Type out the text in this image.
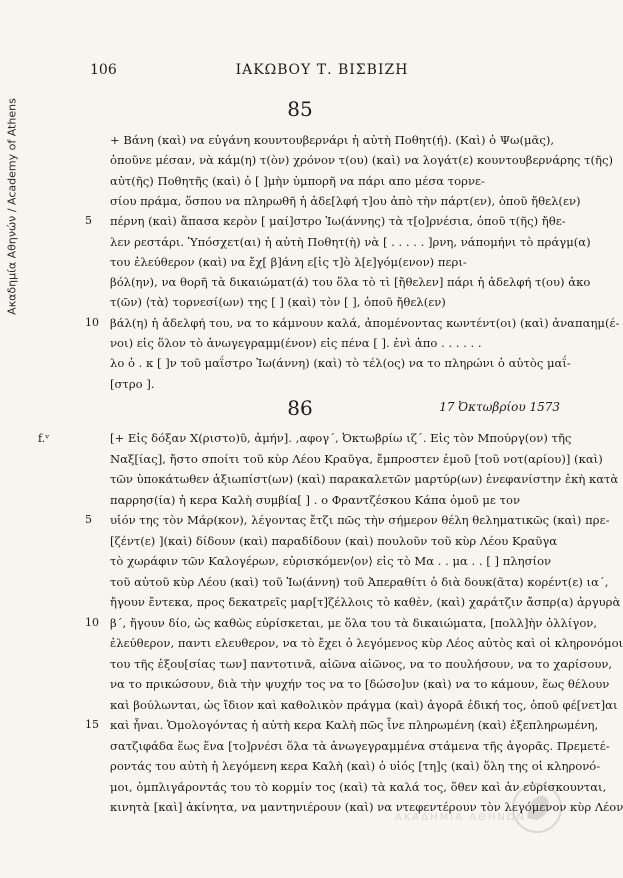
Ακαδημία Αθηνών / Academy of Athens
106	ΙΑΚΩΒΟΥ Τ. ΒΙΣΒΙΖΗ
85
+ Βάνη (καὶ) να εὐγάνη κουντουβερνάρι ἡ αὐτὴ Ποθητ(ή). (Καὶ) ὁ Ψω(μᾶς),
ὁποῦνε μέσαν, νὰ κάμ(η) τ(ὸν) χρόνον τ(ου) (καὶ) να λογάτ(ε) κουντουβερνάρης τ(ῆς)
αὐτ(ῆς) Ποθητῆς (καὶ) ὁ [ ]μὴν ὑμπορῆ να πάρι απο μέσα τορνε-
σίου πράμα, ὅσπου να πληρωθῆ ἡ ἀδε[λφή τ]ου ἀπὸ τὴν πάρτ(εν), ὁποῦ ἤθελ(εν)
5	πέρνη (καὶ) ἅπασα κερὸν [ μαί]στρο Ἰω(άννης) τὰ τ[ο]ρνέσια, ὁποῦ τ(ῆς) ἤθε-
λεν ρεστάρι. Ὑπόσχετ(αι) ἡ αὐτὴ Ποθητ(ὴ) νὰ [ . . . . . ]ρνη, νάπομήνι τὸ πράγμ(α)
του ἐλεύθερον (καὶ) να ἔχ[ β]άνη ε[ἰς τ]ὸ λ[ε]γόμ(ενον) περι-
βόλ(ην), να θορῆ τὰ δικαιώματ(ά) του ὅλα τὸ τὶ [ἤθελεν] πάρι ἡ ἀδελφή τ(ου) ἀκο
τ(ῶν) ⟨τὰ⟩ τορνεσί(ων) της [ ] (καὶ) τὸν [ ], ὁποῦ ἤθελ(εν)
10 βάλ(η) ἡ ἀδελφή του, να το κάμνουν καλά, ἀπομένοντας κωντέντ(οι) (καὶ) ἀναπαημ(έ-
νοι) εἰς ὅλον τὸ ἀνωγεγραμμ(ένον) εἰς πένα [ ]. ἐνὶ ἀπο . . . . . .
λο ὁ . κ [ ]ν τοῦ μαΐστρο Ἰω(άννη) (καὶ) τὸ τέλ(ος) να το πληρώνι ὁ αὐτὸς μαΐ-
[στρο ].
86	17 Ὀκτωβρίου 1573
f.ᵛ	[+ Εἰς δόξαν Χ(ριστο)ῦ, ἀμήν]. ,αφογ΄, Ὀκτωβρίω ιζ΄. Εἰς τὸν Μπούργ(ον) τῆς
Ναξ[ίας], ἤστο σποίτι τοῦ κὺρ Λέου Κραῦγα, ἔμπροστεν ἐμοῦ [τοῦ νοτ(αρίου)] (καὶ)
τῶν ὑποκάτωθεν ἀξιωπίστ(ων) (καὶ) παρακαλετῶν μαρτύρ(ων) ἐνεφανίστην ἐκὴ κατὰ
παρρησ(ία) ἡ κερα Καλὴ συμβία[ ] . ο Φραντζέσκου Κάπα ὁμοῦ με τον
5	υἱόν της τὸν Μάρ(κον), λέγοντας ἔτζι πῶς τὴν σήμερον θέλη θεληματικῶς (καὶ) πρε-
[ζέντ(ε) ](καὶ) δίδουν (καὶ) παραδίδουν (καὶ) πουλοῦν τοῦ κὺρ Λέου Κραῦγα
τὸ χωράφιν τῶν Καλογέρων, εὑρισκόμεν⟨ον⟩ εἰς τὸ Μα . . μα . . [ ] πλησίον
τοῦ αὐτοῦ κὺρ Λέου (καὶ) τοῦ Ἰω(άννη) τοῦ Ἀπεραθίτι ὁ διὰ δουκ(ᾶτα) κορέντ(ε) ια΄,
ἤγουν ἔντεκα, προς δεκατρεῖς μαρ[τ]ζέλλοις τὸ καθὲν, (καὶ) χαράτζιν ἄσπρ(α) ἀργυρὰ
10 β΄, ἤγουν δίο, ὡς καθὼς εὑρίσκεται, με ὅλα του τὰ δικαιώματα, [πολλ]ὴν ὀλλίγον,
ἐλεύθερον, παντι ελευθερον, να τὸ ἔχει ὁ λεγόμενος κὺρ Λέος αὐτὸς καὶ οἱ κληρονόμοι
του τῆς ἐξου[σίας των] παντοτινᾶ, αἰῶνα αἰῶνος, να το πουλήσουν, να το χαρίσουν,
να το πρικώσουν, διὰ τὴν ψυχήν τος να το [δώσο]υν (καὶ) να το κάμουν, ἕως θέλουν
καὶ βούλωνται, ὡς ἴδιον καὶ καθολικὸν πράγμα (καὶ) ἀγορᾶ ἐδική τος, ὁποῦ φέ[νετ]αι
15 καὶ ἦναι. Ὁμολογόντας ἡ αὐτὴ κερα Καλὴ πῶς ἶνε πληρωμένη (καὶ) ἐξεπληρωμένη,
σατζιφάδα ἕως ἕνα [το]ρνέσι ὅλα τὰ ἀνωγεγραμμένα στάμενα τῆς ἀγορᾶς. Πρεμετέ-
ροντάς του αὐτὴ ἡ λεγόμενη κερα Καλὴ (καὶ) ὁ υἱός [τη]ς (καὶ) ὅλη της οἱ κληρονό-
μοι, ὁμπλιγάροντάς του τὸ κορμίν τος (καὶ) τὰ καλά τος, ὅθεν καὶ ἀν εὑρίσκουνται,
κινητὰ [καὶ] ἀκίνητα, να μαντηνιέρουν (καὶ) να ντεφεντέρουν τὸν λεγόμενον κὺρ Λέον
ΑΚΑΔΗΜΙΑ ΑΘΗΝΩΝ
